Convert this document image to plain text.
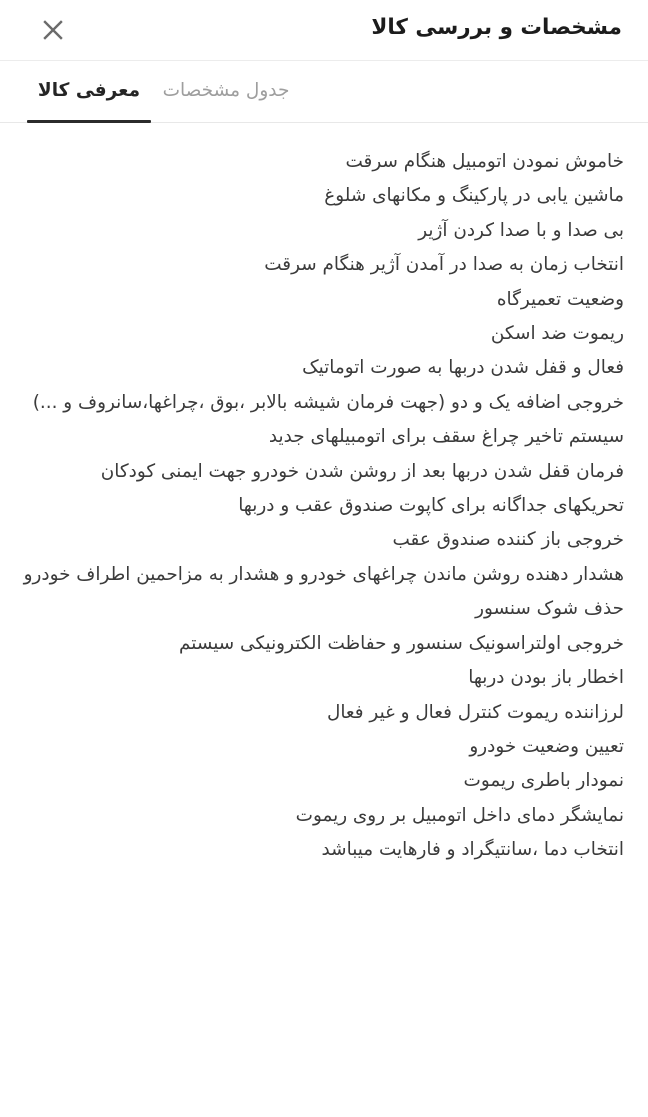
مشخصات و بررسی کالا
جدول مشخصات
معرفی کالا

خاموش نمودن اتومبیل هنگام سرقت

ماشین یابی در پارکینگ و مکانهای شلوغ

بی صدا و با صدا کردن آژیر

انتخاب زمان به صدا در آمدن آژیر هنگام سرقت

وضعیت تعمیرگاه

ریموت ضد اسکن

فعال و قفل شدن دربها به صورت اتوماتیک

خروجی اضافه یک و دو (جهت فرمان شیشه بالابر ،بوق ،چراغها،سانروف و ...)

سیستم تاخیر چراغ سقف برای اتومبیلهای جدید

فرمان قفل شدن دربها بعد از روشن شدن خودرو جهت ایمنی کودکان

تحریکهای جداگانه برای کاپوت صندوق عقب و دربها

خروجی باز کننده صندوق عقب

هشدار دهنده روشن ماندن چراغهای خودرو و هشدار به مزاحمین اطراف خودرو

حذف شوک سنسور

خروجی اولتراسونیک سنسور و حفاظت الکترونیکی سیستم

اخطار باز بودن دربها

لرزاننده ریموت کنترل فعال و غیر فعال

تعیین وضعیت خودرو

نمودار باطری ریموت

نمایشگر دمای داخل اتومبیل بر روی ریموت

انتخاب دما ،سانتیگراد و فارهایت میباشد
